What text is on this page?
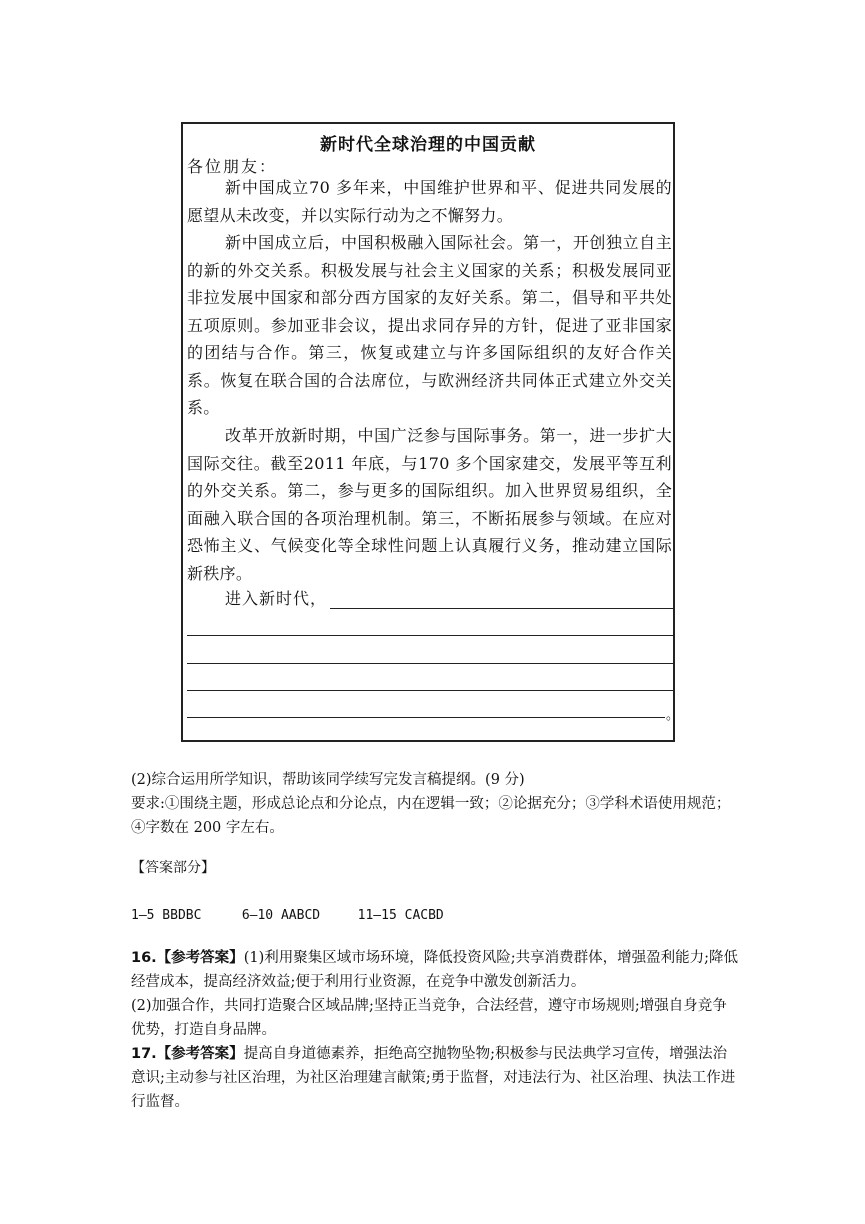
新时代全球治理的中国贡献
各位朋友：

新中国成立70 多年来，中国维护世界和平、促进共同发展的愿望从未改变，并以实际行动为之不懈努力。

新中国成立后，中国积极融入国际社会。第一，开创独立自主的新的外交关系。积极发展与社会主义国家的关系；积极发展同亚非拉发展中国家和部分西方国家的友好关系。第二，倡导和平共处五项原则。参加亚非会议，提出求同存异的方针，促进了亚非国家的团结与合作。第三，恢复或建立与许多国际组织的友好合作关系。恢复在联合国的合法席位，与欧洲经济共同体正式建立外交关系。

改革开放新时期，中国广泛参与国际事务。第一，进一步扩大国际交往。截至2011 年底，与170 多个国家建交，发展平等互利的外交关系。第二，参与更多的国际组织。加入世界贸易组织，全面融入联合国的各项治理机制。第三，不断拓展参与领域。在应对恐怖主义、气候变化等全球性问题上认真履行义务，推动建立国际新秩序。

进入新时代，
。

(2)综合运用所学知识，帮助该同学续写完发言稿提纲。(9 分)

要求:①围绕主题，形成总论点和分论点，内在逻辑一致；②论据充分；③学科术语使用规范；④字数在 200 字左右。

【答案部分】

1—5 BBDBC	6—10 AABCD	11—15 CACBD

16.【参考答案】(1)利用聚集区域市场环境，降低投资风险;共享消费群体，增强盈利能力;降低经营成本，提高经济效益;便于利用行业资源，在竞争中激发创新活力。

(2)加强合作，共同打造聚合区域品牌;坚持正当竞争，合法经营，遵守市场规则;增强自身竞争优势，打造自身品牌。

17.【参考答案】提高自身道德素养，拒绝高空抛物坠物;积极参与民法典学习宣传，增强法治意识;主动参与社区治理，为社区治理建言献策;勇于监督，对违法行为、社区治理、执法工作进行监督。
